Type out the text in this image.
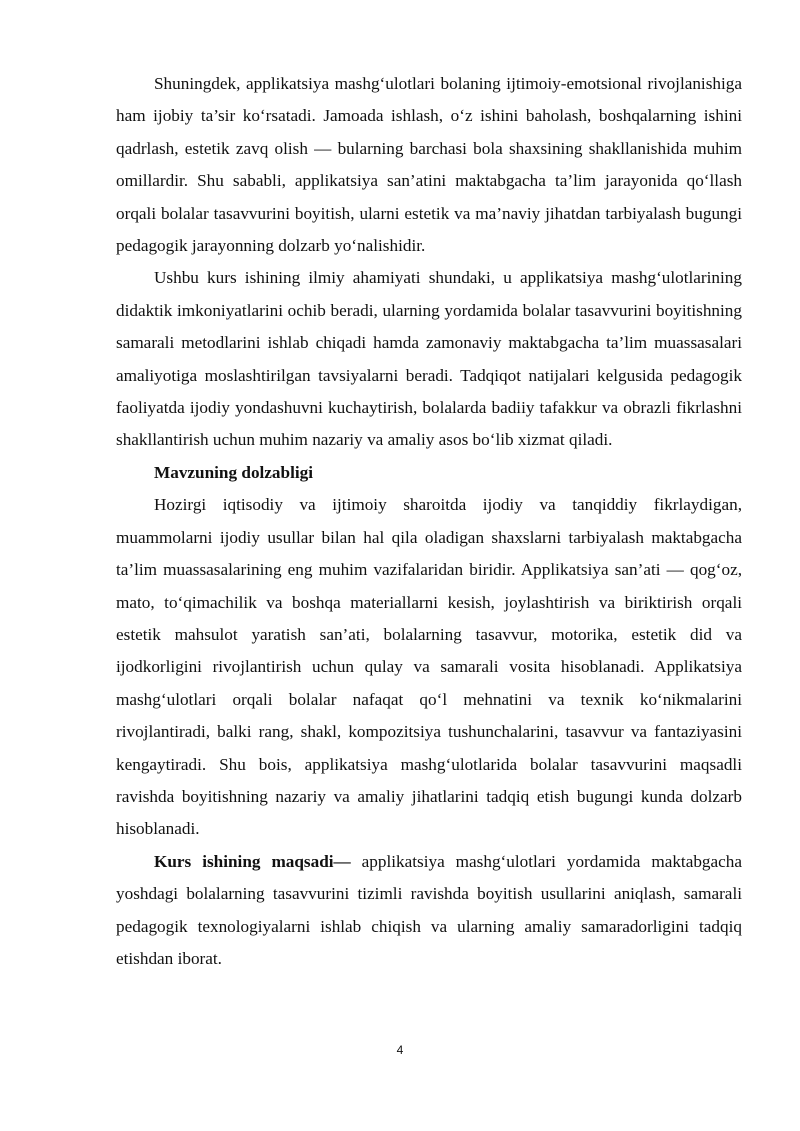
Shuningdek, applikatsiya mashg‘ulotlari bolaning ijtimoiy-emotsional rivojlanishiga ham ijobiy ta’sir ko‘rsatadi. Jamoada ishlash, o‘z ishini baholash, boshqalarning ishini qadrlash, estetik zavq olish — bularning barchasi bola shaxsining shakllanishida muhim omillardir. Shu sababli, applikatsiya san’atini maktabgacha ta’lim jarayonida qo‘llash orqali bolalar tasavvurini boyitish, ularni estetik va ma’naviy jihatdan tarbiyalash bugungi pedagogik jarayonning dolzarb yo‘nalishidir.

Ushbu kurs ishining ilmiy ahamiyati shundaki, u applikatsiya mashg‘ulotlarining didaktik imkoniyatlarini ochib beradi, ularning yordamida bolalar tasavvurini boyitishning samarali metodlarini ishlab chiqadi hamda zamonaviy maktabgacha ta’lim muassasalari amaliyotiga moslashtirilgan tavsiyalarni beradi. Tadqiqot natijalari kelgusida pedagogik faoliyatda ijodiy yondashuvni kuchaytirish, bolalarda badiiy tafakkur va obrazli fikrlashni shakllantirish uchun muhim nazariy va amaliy asos bo‘lib xizmat qiladi.

Mavzuning dolzabligi

Hozirgi iqtisodiy va ijtimoiy sharoitda ijodiy va tanqiddiy fikrlaydigan, muammolarni ijodiy usullar bilan hal qila oladigan shaxslarni tarbiyalash maktabgacha ta’lim muassasalarining eng muhim vazifalaridan biridir. Applikatsiya san’ati — qog‘oz, mato, to‘qimachilik va boshqa materiallarni kesish, joylashtirish va biriktirish orqali estetik mahsulot yaratish san’ati, bolalarning tasavvur, motorika, estetik did va ijodkorligini rivojlantirish uchun qulay va samarali vosita hisoblanadi. Applikatsiya mashg‘ulotlari orqali bolalar nafaqat qo‘l mehnatini va texnik ko‘nikmalarini rivojlantiradi, balki rang, shakl, kompozitsiya tushunchalarini, tasavvur va fantaziyasini kengaytiradi. Shu bois, applikatsiya mashg‘ulotlarida bolalar tasavvurini maqsadli ravishda boyitishning nazariy va amaliy jihatlarini tadqiq etish bugungi kunda dolzarb hisoblanadi.

Kurs ishining maqsadi— applikatsiya mashg‘ulotlari yordamida maktabgacha yoshdagi bolalarning tasavvurini tizimli ravishda boyitish usullarini aniqlash, samarali pedagogik texnologiyalarni ishlab chiqish va ularning amaliy samaradorligini tadqiq etishdan iborat.

4
